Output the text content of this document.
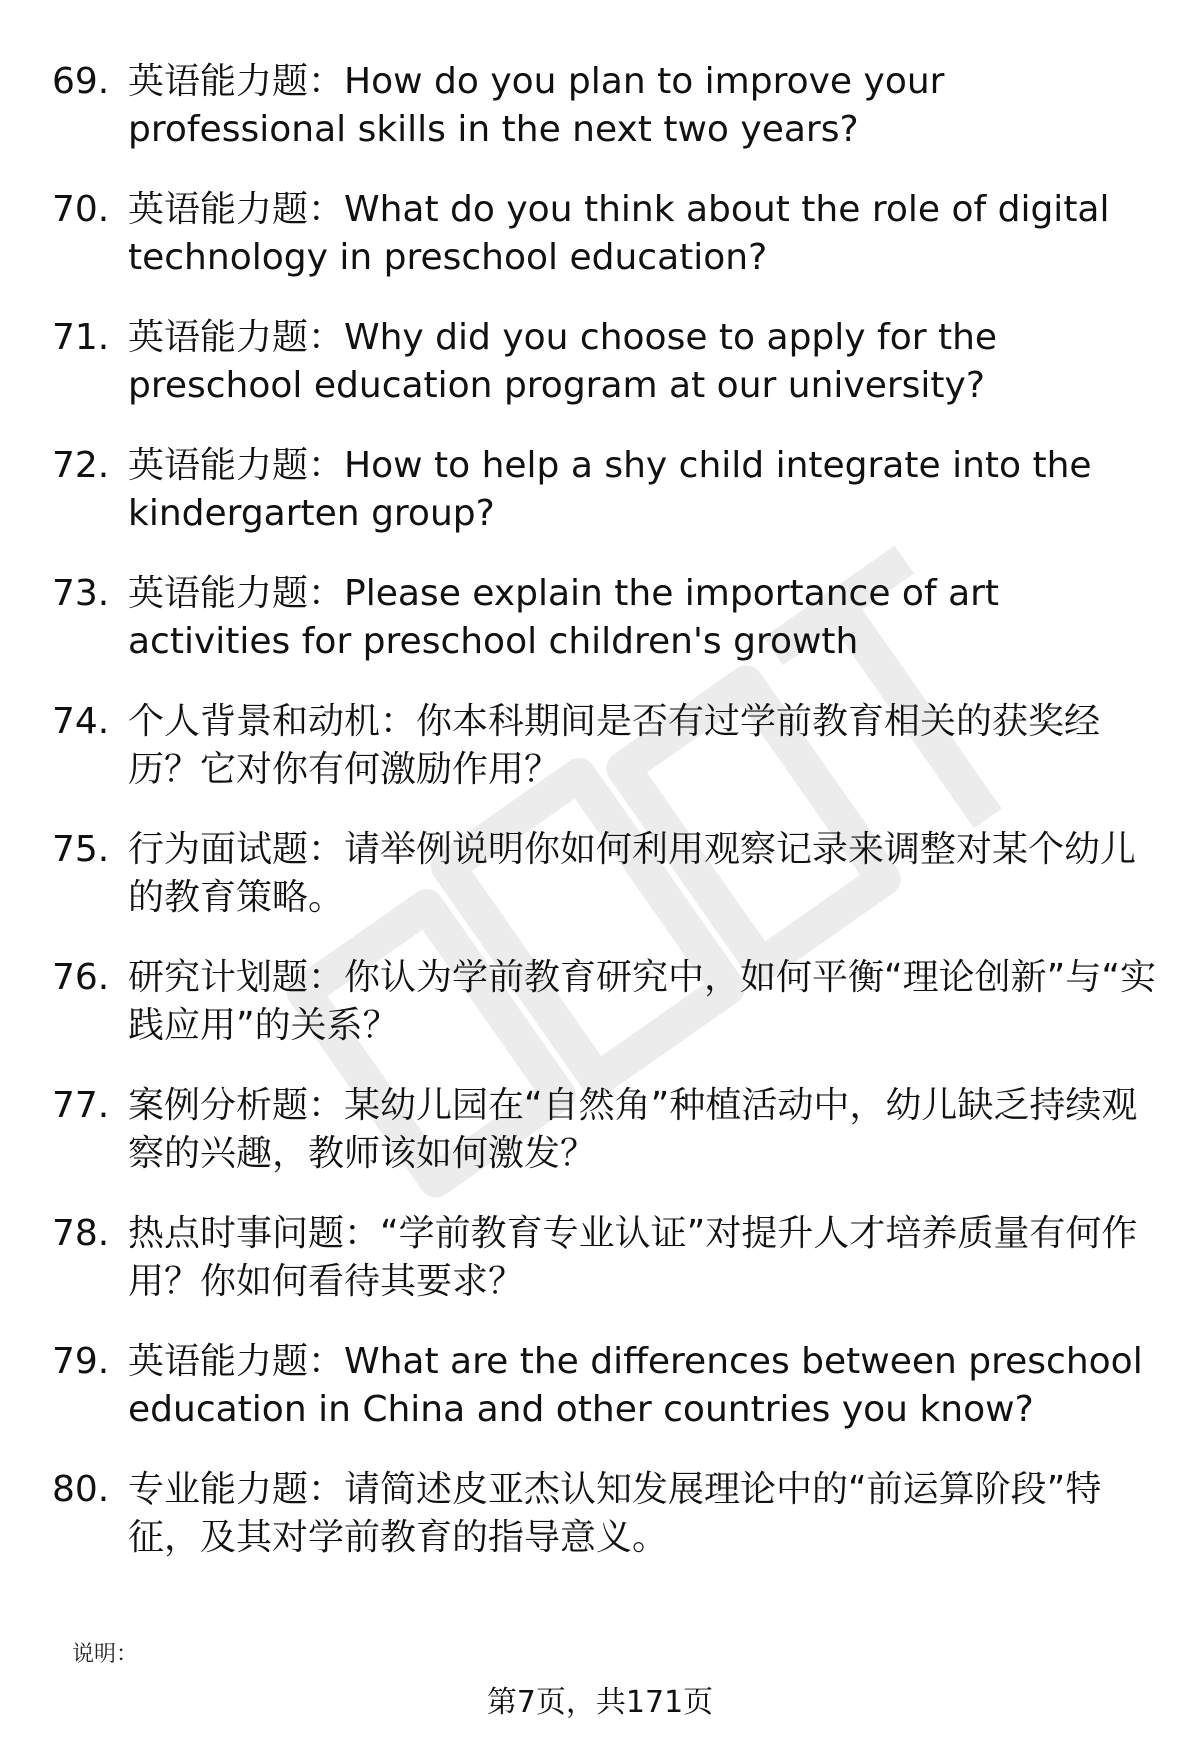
69. 英语能力题：How do you plan to improve your professional skills in the next two years?
70. 英语能力题：What do you think about the role of digital technology in preschool education?
71. 英语能力题：Why did you choose to apply for the preschool education program at our university?
72. 英语能力题：How to help a shy child integrate into the kindergarten group?
73. 英语能力题：Please explain the importance of art activities for preschool children's growth
74. 个人背景和动机：你本科期间是否有过学前教育相关的获奖经历？它对你有何激励作用？
75. 行为面试题：请举例说明你如何利用观察记录来调整对某个幼儿的教育策略。
76. 研究计划题：你认为学前教育研究中，如何平衡“理论创新”与“实践应用”的关系？
77. 案例分析题：某幼儿园在“自然角”种植活动中，幼儿缺乏持续观察的兴趣，教师该如何激发？
78. 热点时事问题：“学前教育专业认证”对提升人才培养质量有何作用？你如何看待其要求？
79. 英语能力题：What are the differences between preschool education in China and other countries you know?
80. 专业能力题：请简述皮亚杰认知发展理论中的“前运算阶段”特征，及其对学前教育的指导意义。
说明：
第7页，共171页
